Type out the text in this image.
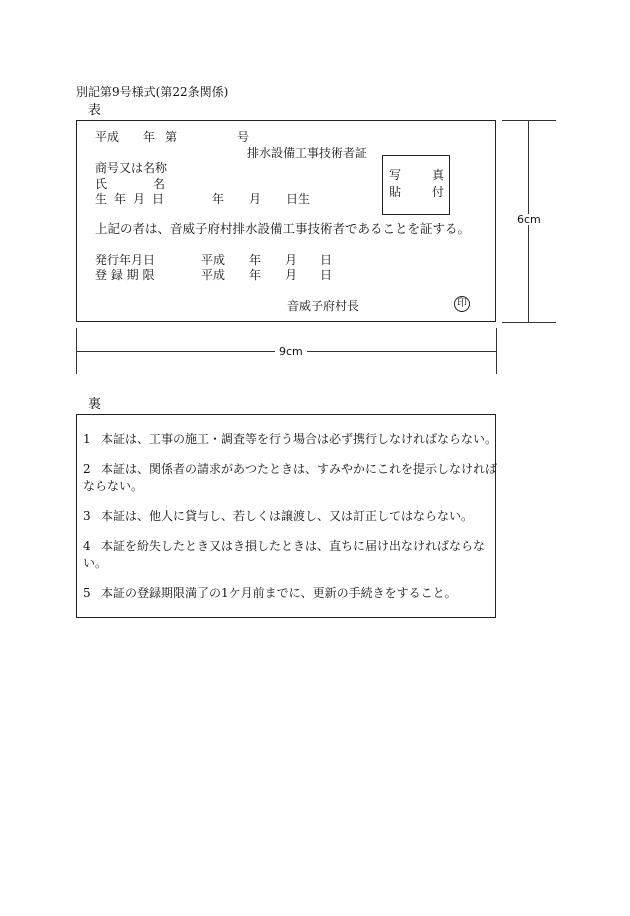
別記第9号様式(第22条関係)
表
平成 年 第	号
排水設備工事技術者証
商号又は名称
氏	名
生 年 月 日	年 月 日生
写	真
貼	付
上記の者は、音威子府村排水設備工事技術者であることを証する。
発行年月日	平成 年 月 日
登 録 期 限	平成 年 月 日
音威子府村長	印
6cm
9cm
裏
1 本証は、工事の施工・調査等を行う場合は必ず携行しなければならない。
2 本証は、関係者の請求があつたときは、すみやかにこれを提示しなければならない。
3 本証は、他人に貸与し、若しくは譲渡し、又は訂正してはならない。
4 本証を紛失したとき又はき損したときは、直ちに届け出なければならない。
5 本証の登録期限満了の1ケ月前までに、更新の手続きをすること。
